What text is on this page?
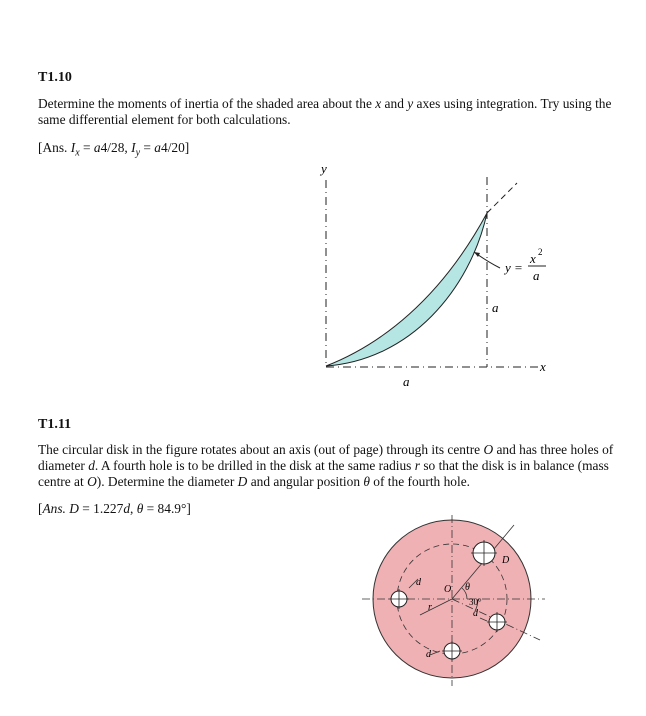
T1.10
Determine the moments of inertia of the shaded area about the x and y axes using integration. Try using the same differential element for both calculations.
[Ans. $I_x = a4/28$, $I_y = a4/20$]
y
x
a
a
y =
x 2
a
T1.11
The circular disk in the figure rotates about an axis (out of page) through its centre O and has three holes of diameter d. A fourth hole is to be drilled in the disk at the same radius r so that the disk is in balance (mass centre at O). Determine the diameter D and angular position θ of the fourth hole.
[Ans. D = 1.227d, θ = 84.9°]
O θ
D
r
d
d
d
30°
